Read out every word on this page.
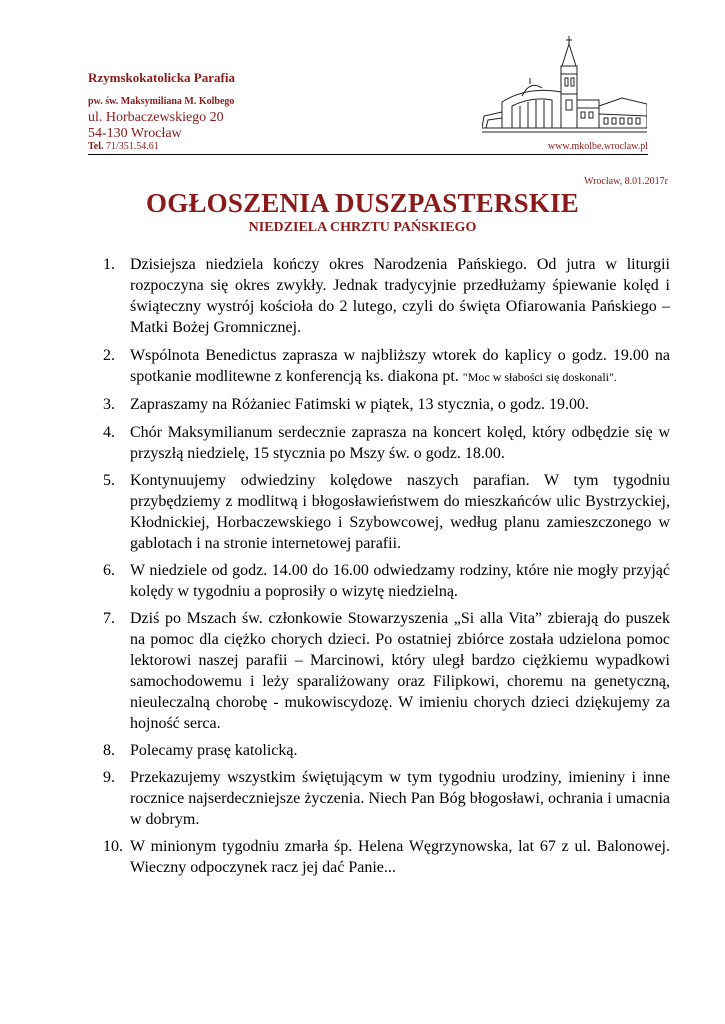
Rzymskokatolicka Parafia
pw. św. Maksymiliana M. Kolbego
ul. Horbaczewskiego 20
54-130 Wrocław
Tel. 71/351.54.61	www.mkolbe.wroclaw.pl
Wrocław, 8.01.2017r
OGŁOSZENIA DUSZPASTERSKIE
NIEDZIELA CHRZTU PAŃSKIEGO
1. Dzisiejsza niedziela kończy okres Narodzenia Pańskiego. Od jutra w liturgii rozpoczyna się okres zwykły. Jednak tradycyjnie przedłużamy śpiewanie kolęd i świąteczny wystrój kościoła do 2 lutego, czyli do święta Ofiarowania Pańskiego – Matki Bożej Gromnicznej.
2. Wspólnota Benedictus zaprasza w najbliższy wtorek do kaplicy o godz. 19.00 na spotkanie modlitewne z konferencją ks. diakona pt. "Moc w słabości się doskonali".
3. Zapraszamy na Różaniec Fatimski w piątek, 13 stycznia, o godz. 19.00.
4. Chór Maksymilianum serdecznie zaprasza na koncert kolęd, który odbędzie się w przyszłą niedzielę, 15 stycznia po Mszy św. o godz. 18.00.
5. Kontynuujemy odwiedziny kolędowe naszych parafian. W tym tygodniu przybędziemy z modlitwą i błogosławieństwem do mieszkańców ulic Bystrzyckiej, Kłodnickiej, Horbaczewskiego i Szybowcowej, według planu zamieszczonego w gablotach i na stronie internetowej parafii.
6. W niedziele od godz. 14.00 do 16.00 odwiedzamy rodziny, które nie mogły przyjąć kolędy w tygodniu a poprosiły o wizytę niedzielną.
7. Dziś po Mszach św. członkowie Stowarzyszenia „Si alla Vita” zbierają do puszek na pomoc dla ciężko chorych dzieci. Po ostatniej zbiórce została udzielona pomoc lektorowi naszej parafii – Marcinowi, który uległ bardzo ciężkiemu wypadkowi samochodowemu i leży sparaliżowany oraz Filipkowi, choremu na genetyczną, nieuleczalną chorobę - mukowiscydozę. W imieniu chorych dzieci dziękujemy za hojność serca.
8. Polecamy prasę katolicką.
9. Przekazujemy wszystkim świętującym w tym tygodniu urodziny, imieniny i inne rocznice najserdeczniejsze życzenia. Niech Pan Bóg błogosławi, ochrania i umacnia w dobrym.
10. W minionym tygodniu zmarła śp. Helena Węgrzynowska, lat 67 z ul. Balonowej. Wieczny odpoczynek racz jej dać Panie...
